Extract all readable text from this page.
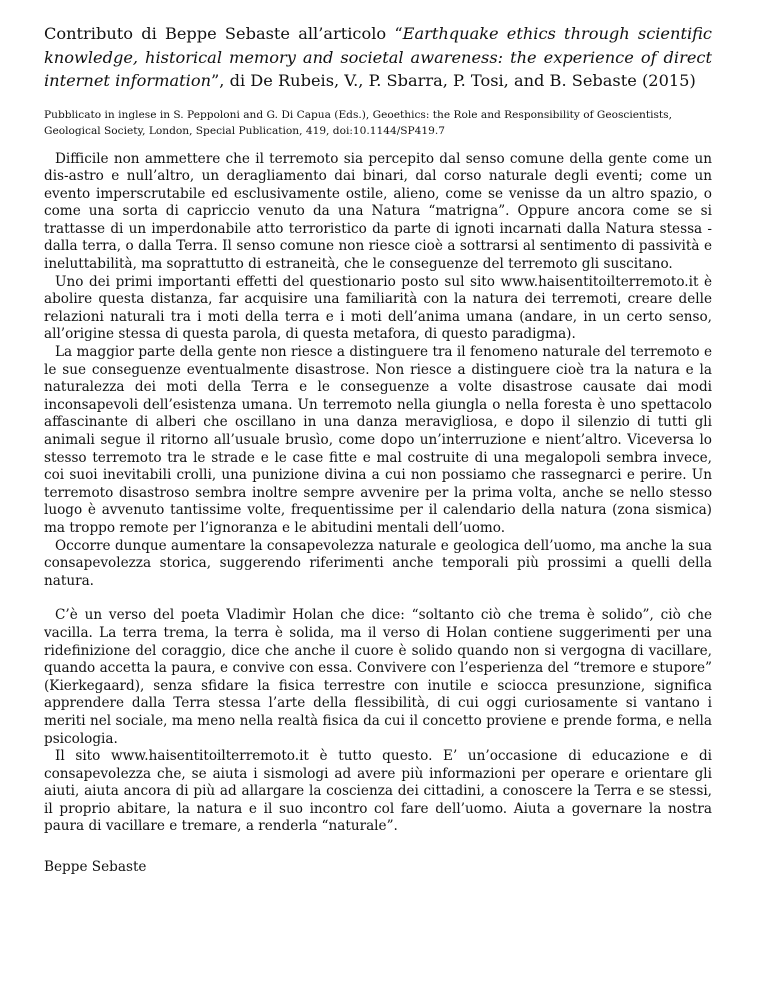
Contributo di Beppe Sebaste all’articolo “Earthquake ethics through scientific knowledge, historical memory and societal awareness: the experience of direct internet information”, di De Rubeis, V., P. Sbarra, P. Tosi, and B. Sebaste (2015)
Pubblicato in inglese in S. Peppoloni and G. Di Capua (Eds.), Geoethics: the Role and Responsibility of Geoscientists, Geological Society, London, Special Publication, 419, doi:10.1144/SP419.7

Difficile non ammettere che il terremoto sia percepito dal senso comune della gente come un dis-astro e null’altro, un deragliamento dai binari, dal corso naturale degli eventi; come un evento imperscrutabile ed esclusivamente ostile, alieno, come se venisse da un altro spazio, o come una sorta di capriccio venuto da una Natura “matrigna”. Oppure ancora come se si trattasse di un imperdonabile atto terroristico da parte di ignoti incarnati dalla Natura stessa - dalla terra, o dalla Terra. Il senso comune non riesce cioè a sottrarsi al sentimento di passività e ineluttabilità, ma soprattutto di estraneità, che le conseguenze del terremoto gli suscitano.

Uno dei primi importanti effetti del questionario posto sul sito www.haisentitoilterremoto.it è abolire questa distanza, far acquisire una familiarità con la natura dei terremoti, creare delle relazioni naturali tra i moti della terra e i moti dell’anima umana (andare, in un certo senso, all’origine stessa di questa parola, di questa metafora, di questo paradigma).

La maggior parte della gente non riesce a distinguere tra il fenomeno naturale del terremoto e le sue conseguenze eventualmente disastrose. Non riesce a distinguere cioè tra la natura e la naturalezza dei moti della Terra e le conseguenze a volte disastrose causate dai modi inconsapevoli dell’esistenza umana. Un terremoto nella giungla o nella foresta è uno spettacolo affascinante di alberi che oscillano in una danza meravigliosa, e dopo il silenzio di tutti gli animali segue il ritorno all’usuale brusìo, come dopo un’interruzione e nient’altro. Viceversa lo stesso terremoto tra le strade e le case fitte e mal costruite di una megalopoli sembra invece, coi suoi inevitabili crolli, una punizione divina a cui non possiamo che rassegnarci e perire. Un terremoto disastroso sembra inoltre sempre avvenire per la prima volta, anche se nello stesso luogo è avvenuto tantissime volte, frequentissime per il calendario della natura (zona sismica) ma troppo remote per l’ignoranza e le abitudini mentali dell’uomo.

Occorre dunque aumentare la consapevolezza naturale e geologica dell’uomo, ma anche la sua consapevolezza storica, suggerendo riferimenti anche temporali più prossimi a quelli della natura.

C’è un verso del poeta Vladimìr Holan che dice: “soltanto ciò che trema è solido”, ciò che vacilla. La terra trema, la terra è solida, ma il verso di Holan contiene suggerimenti per una ridefinizione del coraggio, dice che anche il cuore è solido quando non si vergogna di vacillare, quando accetta la paura, e convive con essa. Convivere con l’esperienza del “tremore e stupore” (Kierkegaard), senza sfidare la fisica terrestre con inutile e sciocca presunzione, significa apprendere dalla Terra stessa l’arte della flessibilità, di cui oggi curiosamente si vantano i meriti nel sociale, ma meno nella realtà fisica da cui il concetto proviene e prende forma, e nella psicologia.

Il sito www.haisentitoilterremoto.it è tutto questo. E’ un’occasione di educazione e di consapevolezza che, se aiuta i sismologi ad avere più informazioni per operare e orientare gli aiuti, aiuta ancora di più ad allargare la coscienza dei cittadini, a conoscere la Terra e se stessi, il proprio abitare, la natura e il suo incontro col fare dell’uomo. Aiuta a governare la nostra paura di vacillare e tremare, a renderla “naturale”.

Beppe Sebaste
